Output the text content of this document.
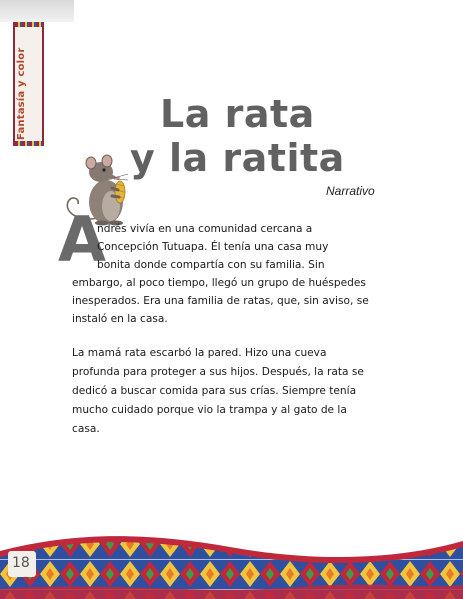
Fantasía y color	La rata
y la ratita
Narrativo
A
ndrés vivía en una comunidad cercana a
Concepción Tutuapa. Él tenía una casa muy
bonita donde compartía con su familia. Sin
embargo, al poco tiempo, llegó un grupo de huéspedes
inesperados. Era una familia de ratas, que, sin aviso, se
instaló en la casa.
La mamá rata escarbó la pared. Hizo una cueva profunda para proteger a sus hijos. Después, la rata se dedicó a buscar comida para sus crías. Siempre tenía mucho cuidado porque vio la trampa y al gato de la casa.
18
